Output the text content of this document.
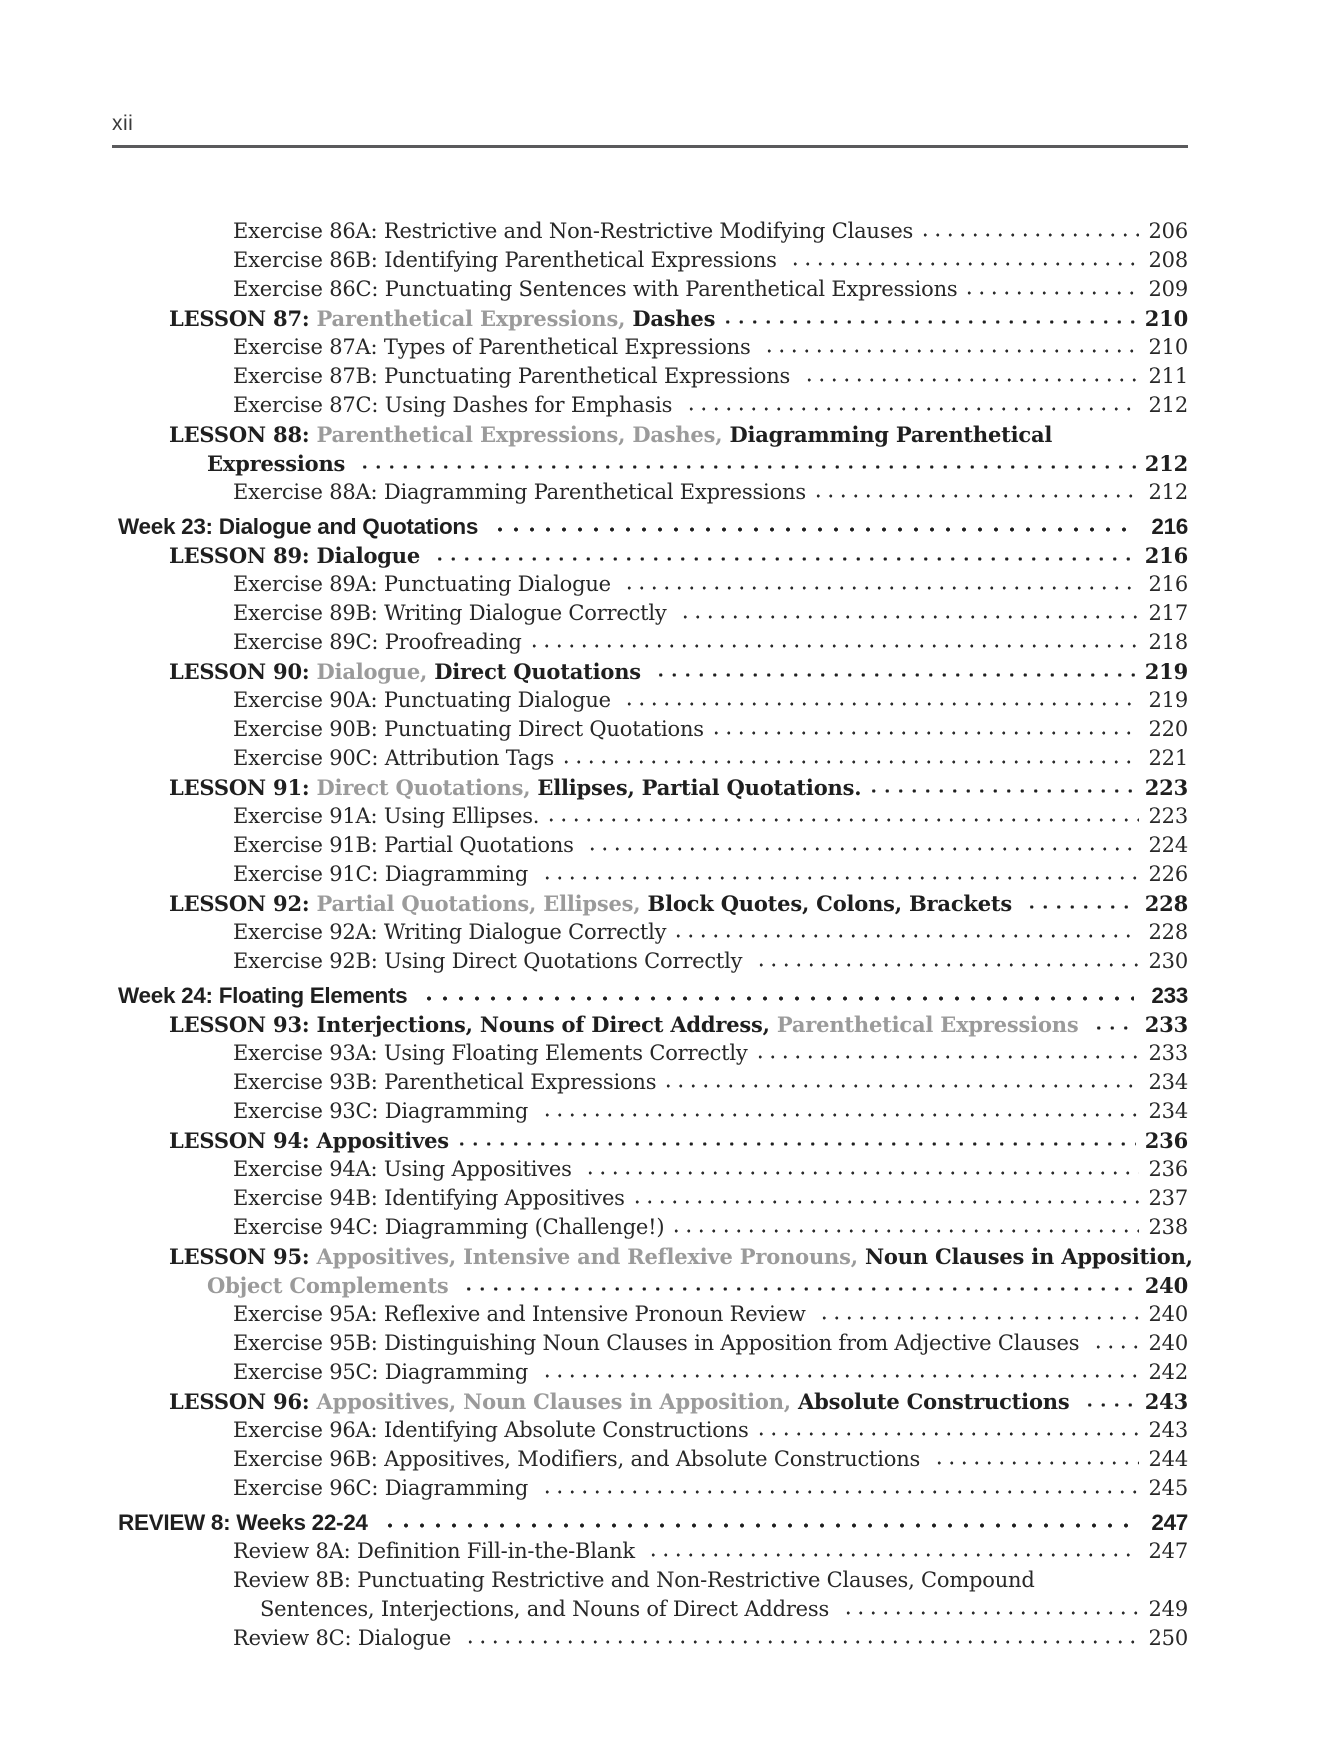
xii
Exercise 86A: Restrictive and Non-Restrictive Modifying Clauses	206
Exercise 86B: Identifying Parenthetical Expressions	208
Exercise 86C: Punctuating Sentences with Parenthetical Expressions	209
LESSON 87: Parenthetical Expressions, Dashes	210
Exercise 87A: Types of Parenthetical Expressions	210
Exercise 87B: Punctuating Parenthetical Expressions	211
Exercise 87C: Using Dashes for Emphasis	212
LESSON 88: Parenthetical Expressions, Dashes, Diagramming Parenthetical
Expressions	212
Exercise 88A: Diagramming Parenthetical Expressions	212
Week 23: Dialogue and Quotations	216
LESSON 89: Dialogue	216
Exercise 89A: Punctuating Dialogue	216
Exercise 89B: Writing Dialogue Correctly	217
Exercise 89C: Proofreading	218
LESSON 90: Dialogue, Direct Quotations	219
Exercise 90A: Punctuating Dialogue	219
Exercise 90B: Punctuating Direct Quotations	220
Exercise 90C: Attribution Tags	221
LESSON 91: Direct Quotations, Ellipses, Partial Quotations.	223
Exercise 91A: Using Ellipses.	223
Exercise 91B: Partial Quotations	224
Exercise 91C: Diagramming	226
LESSON 92: Partial Quotations, Ellipses, Block Quotes, Colons, Brackets	228
Exercise 92A: Writing Dialogue Correctly	228
Exercise 92B: Using Direct Quotations Correctly	230
Week 24: Floating Elements	233
LESSON 93: Interjections, Nouns of Direct Address, Parenthetical Expressions	233
Exercise 93A: Using Floating Elements Correctly	233
Exercise 93B: Parenthetical Expressions	234
Exercise 93C: Diagramming	234
LESSON 94: Appositives	236
Exercise 94A: Using Appositives	236
Exercise 94B: Identifying Appositives	237
Exercise 94C: Diagramming (Challenge!)	238
LESSON 95: Appositives, Intensive and Reflexive Pronouns, Noun Clauses in Apposition,
Object Complements	240
Exercise 95A: Reflexive and Intensive Pronoun Review	240
Exercise 95B: Distinguishing Noun Clauses in Apposition from Adjective Clauses	240
Exercise 95C: Diagramming	242
LESSON 96: Appositives, Noun Clauses in Apposition, Absolute Constructions	243
Exercise 96A: Identifying Absolute Constructions	243
Exercise 96B: Appositives, Modifiers, and Absolute Constructions	244
Exercise 96C: Diagramming	245
REVIEW 8: Weeks 22-24	247
Review 8A: Definition Fill-in-the-Blank	247
Review 8B: Punctuating Restrictive and Non-Restrictive Clauses, Compound
Sentences, Interjections, and Nouns of Direct Address	249
Review 8C: Dialogue	250
